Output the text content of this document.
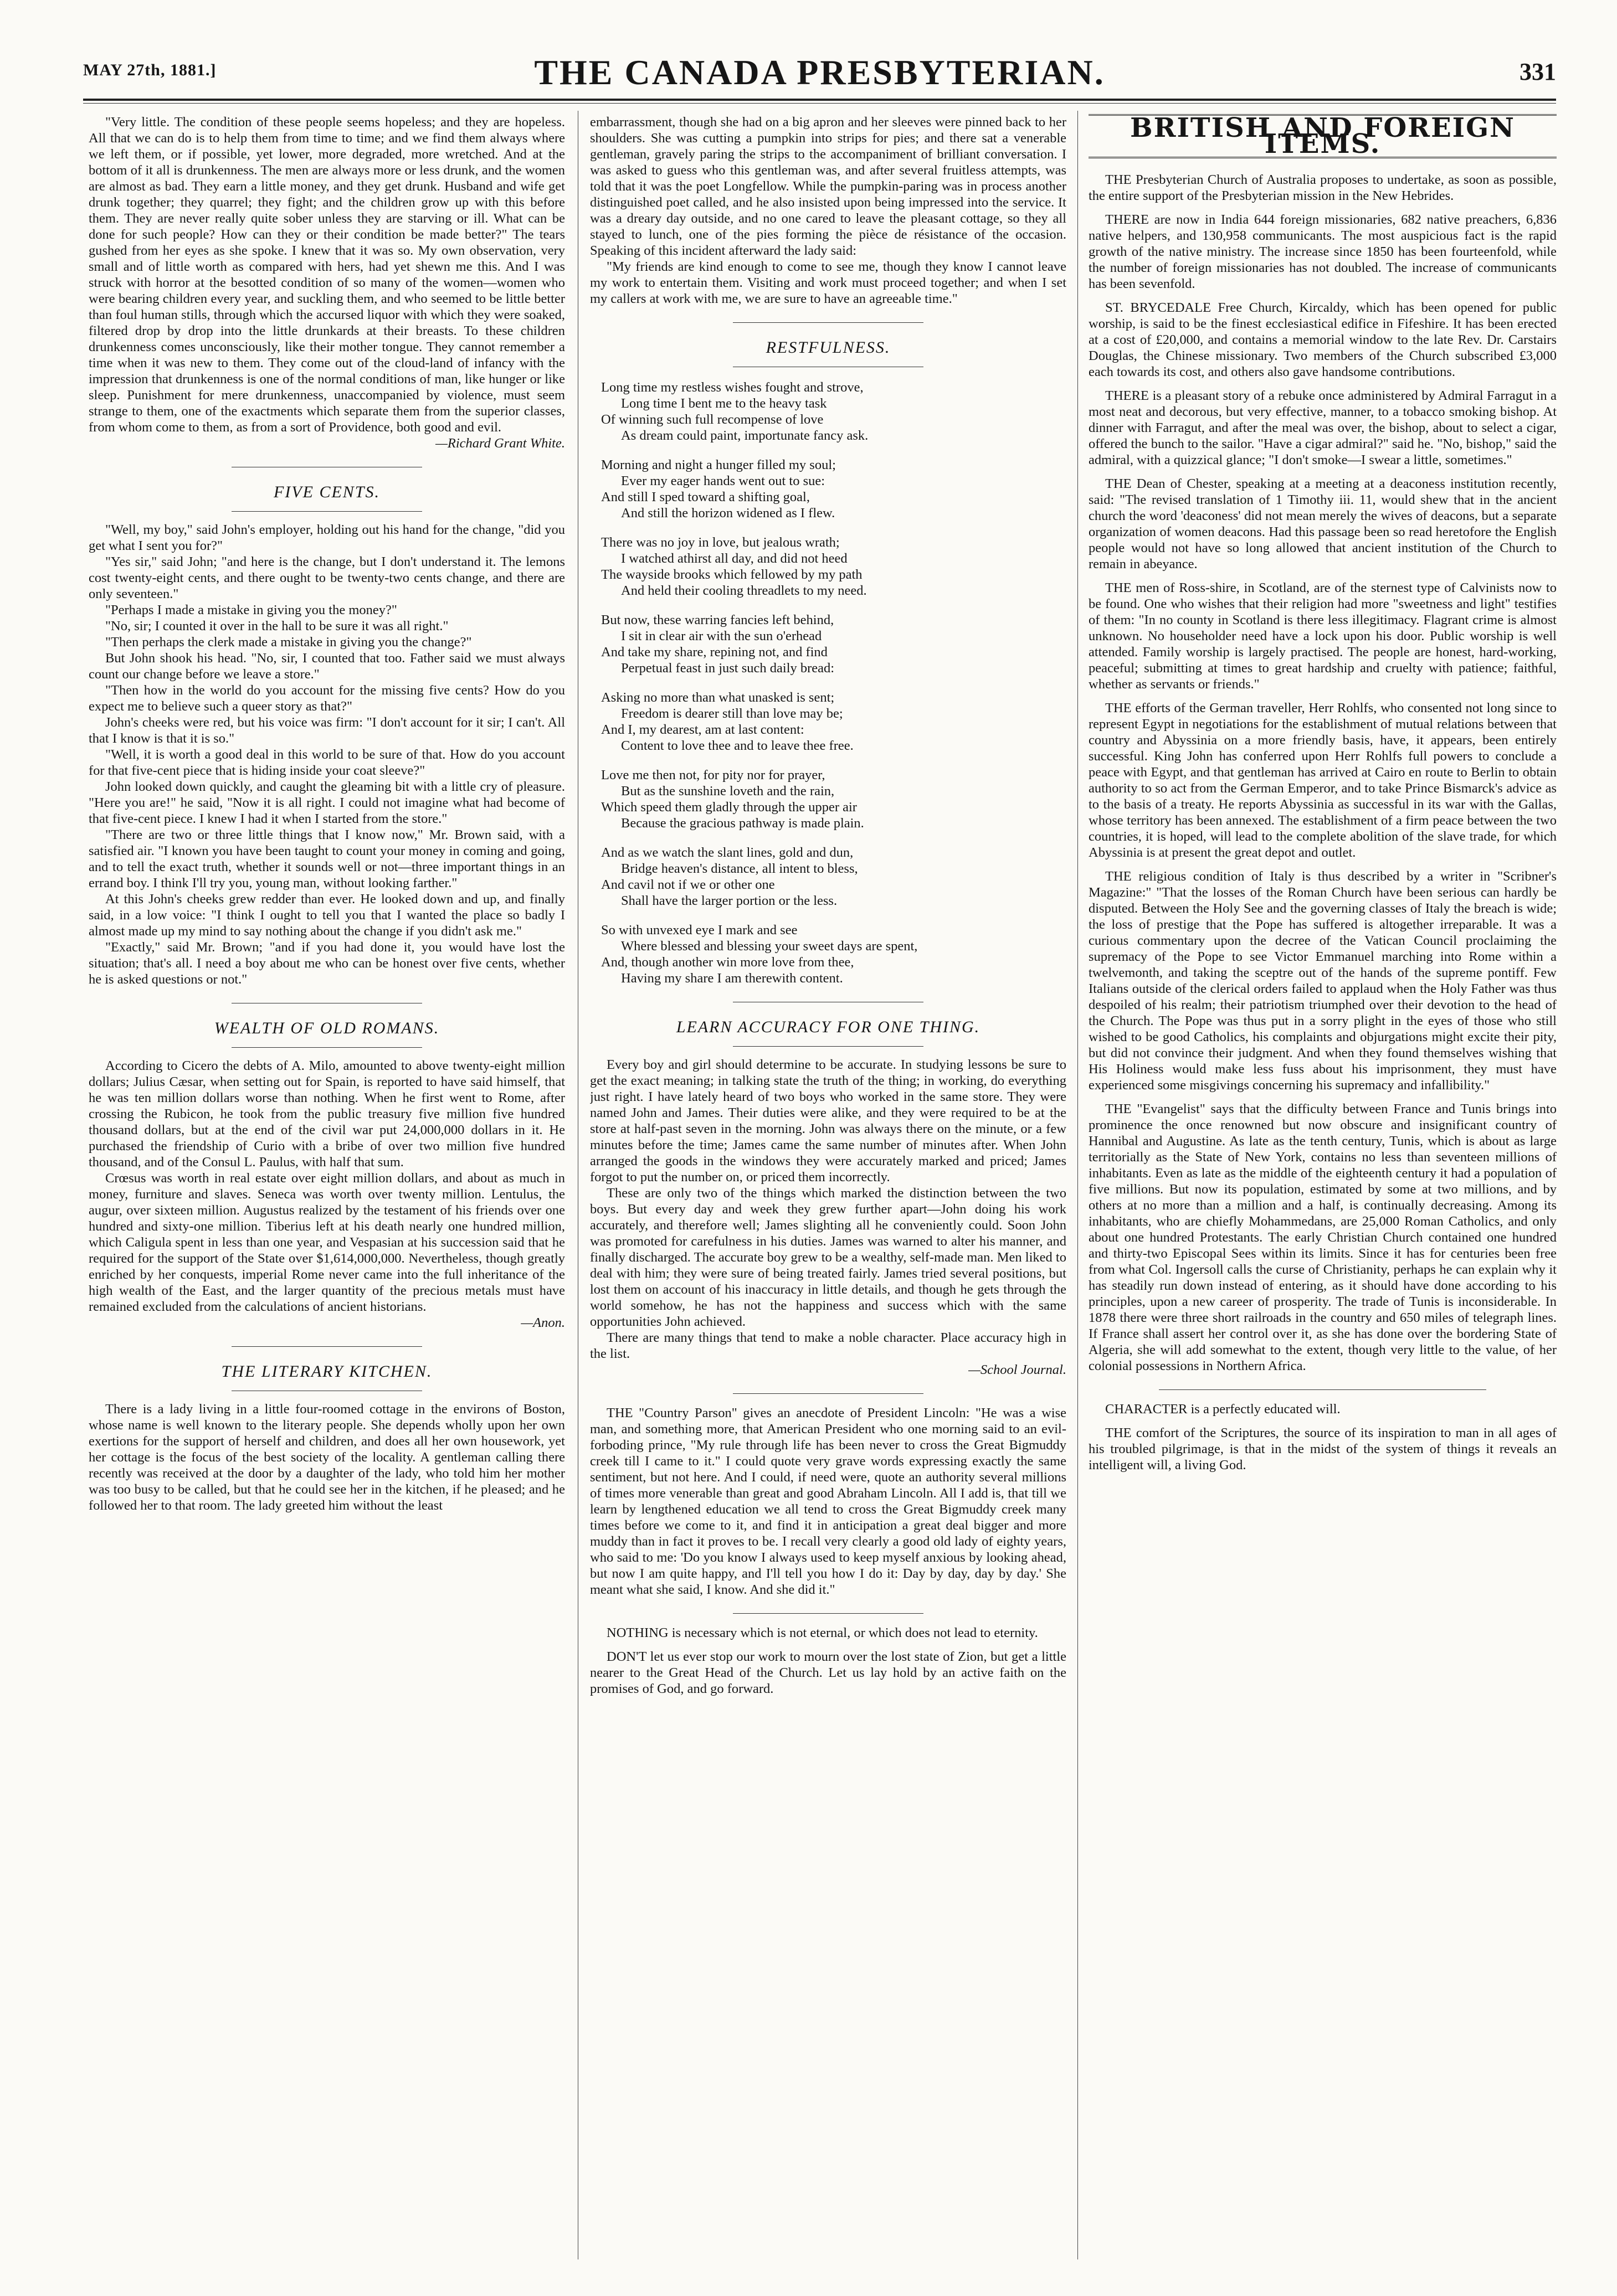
MAY 27th, 1881.]	THE CANADA PRESBYTERIAN.	331

"Very little. The condition of these people seems hopeless; and they are hopeless. All that we can do is to help them from time to time; and we find them always where we left them, or if possible, yet lower, more degraded, more wretched. And at the bottom of it all is drunkenness. The men are always more or less drunk, and the women are almost as bad. They earn a little money, and they get drunk. Husband and wife get drunk together; they quarrel; they fight; and the children grow up with this before them. They are never really quite sober unless they are starving or ill. What can be done for such people? How can they or their condition be made better?" The tears gushed from her eyes as she spoke. I knew that it was so. My own observation, very small and of little worth as compared with hers, had yet shewn me this. And I was struck with horror at the besotted condition of so many of the women—women who were bearing children every year, and suckling them, and who seemed to be little better than foul human stills, through which the accursed liquor with which they were soaked, filtered drop by drop into the little drunkards at their breasts. To these children drunkenness comes unconsciously, like their mother tongue. They cannot remember a time when it was new to them. They come out of the cloud-land of infancy with the impression that drunkenness is one of the normal conditions of man, like hunger or like sleep. Punishment for mere drunkenness, unaccompanied by violence, must seem strange to them, one of the exactments which separate them from the superior classes, from whom come to them, as from a sort of Providence, both good and evil.

—Richard Grant White.

FIVE CENTS.

"Well, my boy," said John's employer, holding out his hand for the change, "did you get what I sent you for?"

"Yes sir," said John; "and here is the change, but I don't understand it. The lemons cost twenty-eight cents, and there ought to be twenty-two cents change, and there are only seventeen."

"Perhaps I made a mistake in giving you the money?"

"No, sir; I counted it over in the hall to be sure it was all right."

"Then perhaps the clerk made a mistake in giving you the change?"

But John shook his head. "No, sir, I counted that too. Father said we must always count our change before we leave a store."

"Then how in the world do you account for the missing five cents? How do you expect me to believe such a queer story as that?"

John's cheeks were red, but his voice was firm: "I don't account for it sir; I can't. All that I know is that it is so."

"Well, it is worth a good deal in this world to be sure of that. How do you account for that five-cent piece that is hiding inside your coat sleeve?"

John looked down quickly, and caught the gleaming bit with a little cry of pleasure. "Here you are!" he said, "Now it is all right. I could not imagine what had become of that five-cent piece. I knew I had it when I started from the store."

"There are two or three little things that I know now," Mr. Brown said, with a satisfied air. "I known you have been taught to count your money in coming and going, and to tell the exact truth, whether it sounds well or not—three important things in an errand boy. I think I'll try you, young man, without looking farther."

At this John's cheeks grew redder than ever. He looked down and up, and finally said, in a low voice: "I think I ought to tell you that I wanted the place so badly I almost made up my mind to say nothing about the change if you didn't ask me."

"Exactly," said Mr. Brown; "and if you had done it, you would have lost the situation; that's all. I need a boy about me who can be honest over five cents, whether he is asked questions or not."

WEALTH OF OLD ROMANS.

According to Cicero the debts of A. Milo, amounted to above twenty-eight million dollars; Julius Cæsar, when setting out for Spain, is reported to have said himself, that he was ten million dollars worse than nothing. When he first went to Rome, after crossing the Rubicon, he took from the public treasury five million five hundred thousand dollars, but at the end of the civil war put 24,000,000 dollars in it. He purchased the friendship of Curio with a bribe of over two million five hundred thousand, and of the Consul L. Paulus, with half that sum.

Crœsus was worth in real estate over eight million dollars, and about as much in money, furniture and slaves. Seneca was worth over twenty million. Lentulus, the augur, over sixteen million. Augustus realized by the testament of his friends over one hundred and sixty-one million. Tiberius left at his death nearly one hundred million, which Caligula spent in less than one year, and Vespasian at his succession said that he required for the support of the State over $1,614,000,000. Nevertheless, though greatly enriched by her conquests, imperial Rome never came into the full inheritance of the high wealth of the East, and the larger quantity of the precious metals must have remained excluded from the calculations of ancient historians.

—Anon.

THE LITERARY KITCHEN.

There is a lady living in a little four-roomed cottage in the environs of Boston, whose name is well known to the literary people. She depends wholly upon her own exertions for the support of herself and children, and does all her own housework, yet her cottage is the focus of the best society of the locality. A gentleman calling there recently was received at the door by a daughter of the lady, who told him her mother was too busy to be called, but that he could see her in the kitchen, if he pleased; and he followed her to that room. The lady greeted him without the least

embarrassment, though she had on a big apron and her sleeves were pinned back to her shoulders. She was cutting a pumpkin into strips for pies; and there sat a venerable gentleman, gravely paring the strips to the accompaniment of brilliant conversation. I was asked to guess who this gentleman was, and after several fruitless attempts, was told that it was the poet Longfellow. While the pumpkin-paring was in process another distinguished poet called, and he also insisted upon being impressed into the service. It was a dreary day outside, and no one cared to leave the pleasant cottage, so they all stayed to lunch, one of the pies forming the pièce de résistance of the occasion. Speaking of this incident afterward the lady said:

"My friends are kind enough to come to see me, though they know I cannot leave my work to entertain them. Visiting and work must proceed together; and when I set my callers at work with me, we are sure to have an agreeable time."

RESTFULNESS.
Long time my restless wishes fought and strove,
Long time I bent me to the heavy task
Of winning such full recompense of love
As dream could paint, importunate fancy ask.
Morning and night a hunger filled my soul;
Ever my eager hands went out to sue:
And still I sped toward a shifting goal,
And still the horizon widened as I flew.
There was no joy in love, but jealous wrath;
I watched athirst all day, and did not heed
The wayside brooks which fellowed by my path
And held their cooling threadlets to my need.
But now, these warring fancies left behind,
I sit in clear air with the sun o'erhead
And take my share, repining not, and find
Perpetual feast in just such daily bread:
Asking no more than what unasked is sent;
Freedom is dearer still than love may be;
And I, my dearest, am at last content:
Content to love thee and to leave thee free.
Love me then not, for pity nor for prayer,
But as the sunshine loveth and the rain,
Which speed them gladly through the upper air
Because the gracious pathway is made plain.
And as we watch the slant lines, gold and dun,
Bridge heaven's distance, all intent to bless,
And cavil not if we or other one
Shall have the larger portion or the less.
So with unvexed eye I mark and see
Where blessed and blessing your sweet days are spent,
And, though another win more love from thee,
Having my share I am therewith content.
LEARN ACCURACY FOR ONE THING.

Every boy and girl should determine to be accurate. In studying lessons be sure to get the exact meaning; in talking state the truth of the thing; in working, do everything just right. I have lately heard of two boys who worked in the same store. They were named John and James. Their duties were alike, and they were required to be at the store at half-past seven in the morning. John was always there on the minute, or a few minutes before the time; James came the same number of minutes after. When John arranged the goods in the windows they were accurately marked and priced; James forgot to put the number on, or priced them incorrectly.

These are only two of the things which marked the distinction between the two boys. But every day and week they grew further apart—John doing his work accurately, and therefore well; James slighting all he conveniently could. Soon John was promoted for carefulness in his duties. James was warned to alter his manner, and finally discharged. The accurate boy grew to be a wealthy, self-made man. Men liked to deal with him; they were sure of being treated fairly. James tried several positions, but lost them on account of his inaccuracy in little details, and though he gets through the world somehow, he has not the happiness and success which with the same opportunities John achieved.

There are many things that tend to make a noble character. Place accuracy high in the list.

—School Journal.

THE "Country Parson" gives an anecdote of President Lincoln: "He was a wise man, and something more, that American President who one morning said to an evil-forboding prince, "My rule through life has been never to cross the Great Bigmuddy creek till I came to it." I could quote very grave words expressing exactly the same sentiment, but not here. And I could, if need were, quote an authority several millions of times more venerable than great and good Abraham Lincoln. All I add is, that till we learn by lengthened education we all tend to cross the Great Bigmuddy creek many times before we come to it, and find it in anticipation a great deal bigger and more muddy than in fact it proves to be. I recall very clearly a good old lady of eighty years, who said to me: 'Do you know I always used to keep myself anxious by looking ahead, but now I am quite happy, and I'll tell you how I do it: Day by day, day by day.' She meant what she said, I know. And she did it."

NOTHING is necessary which is not eternal, or which does not lead to eternity.

DON'T let us ever stop our work to mourn over the lost state of Zion, but get a little nearer to the Great Head of the Church. Let us lay hold by an active faith on the promises of God, and go forward.

BRITISH AND FOREIGN ITEMS.

THE Presbyterian Church of Australia proposes to undertake, as soon as possible, the entire support of the Presbyterian mission in the New Hebrides.

THERE are now in India 644 foreign missionaries, 682 native preachers, 6,836 native helpers, and 130,958 communicants. The most auspicious fact is the rapid growth of the native ministry. The increase since 1850 has been fourteenfold, while the number of foreign missionaries has not doubled. The increase of communicants has been sevenfold.

ST. BRYCEDALE Free Church, Kircaldy, which has been opened for public worship, is said to be the finest ecclesiastical edifice in Fifeshire. It has been erected at a cost of £20,000, and contains a memorial window to the late Rev. Dr. Carstairs Douglas, the Chinese missionary. Two members of the Church subscribed £3,000 each towards its cost, and others also gave handsome contributions.

THERE is a pleasant story of a rebuke once administered by Admiral Farragut in a most neat and decorous, but very effective, manner, to a tobacco smoking bishop. At dinner with Farragut, and after the meal was over, the bishop, about to select a cigar, offered the bunch to the sailor. "Have a cigar admiral?" said he. "No, bishop," said the admiral, with a quizzical glance; "I don't smoke—I swear a little, sometimes."

THE Dean of Chester, speaking at a meeting at a deaconess institution recently, said: "The revised translation of 1 Timothy iii. 11, would shew that in the ancient church the word 'deaconess' did not mean merely the wives of deacons, but a separate organization of women deacons. Had this passage been so read heretofore the English people would not have so long allowed that ancient institution of the Church to remain in abeyance.

THE men of Ross-shire, in Scotland, are of the sternest type of Calvinists now to be found. One who wishes that their religion had more "sweetness and light" testifies of them: "In no county in Scotland is there less illegitimacy. Flagrant crime is almost unknown. No householder need have a lock upon his door. Public worship is well attended. Family worship is largely practised. The people are honest, hard-working, peaceful; submitting at times to great hardship and cruelty with patience; faithful, whether as servants or friends."

THE efforts of the German traveller, Herr Rohlfs, who consented not long since to represent Egypt in negotiations for the establishment of mutual relations between that country and Abyssinia on a more friendly basis, have, it appears, been entirely successful. King John has conferred upon Herr Rohlfs full powers to conclude a peace with Egypt, and that gentleman has arrived at Cairo en route to Berlin to obtain authority to so act from the German Emperor, and to take Prince Bismarck's advice as to the basis of a treaty. He reports Abyssinia as successful in its war with the Gallas, whose territory has been annexed. The establishment of a firm peace between the two countries, it is hoped, will lead to the complete abolition of the slave trade, for which Abyssinia is at present the great depot and outlet.

THE religious condition of Italy is thus described by a writer in "Scribner's Magazine:" "That the losses of the Roman Church have been serious can hardly be disputed. Between the Holy See and the governing classes of Italy the breach is wide; the loss of prestige that the Pope has suffered is altogether irreparable. It was a curious commentary upon the decree of the Vatican Council proclaiming the supremacy of the Pope to see Victor Emmanuel marching into Rome within a twelvemonth, and taking the sceptre out of the hands of the supreme pontiff. Few Italians outside of the clerical orders failed to applaud when the Holy Father was thus despoiled of his realm; their patriotism triumphed over their devotion to the head of the Church. The Pope was thus put in a sorry plight in the eyes of those who still wished to be good Catholics, his complaints and objurgations might excite their pity, but did not convince their judgment. And when they found themselves wishing that His Holiness would make less fuss about his imprisonment, they must have experienced some misgivings concerning his supremacy and infallibility."

THE "Evangelist" says that the difficulty between France and Tunis brings into prominence the once renowned but now obscure and insignificant country of Hannibal and Augustine. As late as the tenth century, Tunis, which is about as large territorially as the State of New York, contains no less than seventeen millions of inhabitants. Even as late as the middle of the eighteenth century it had a population of five millions. But now its population, estimated by some at two millions, and by others at no more than a million and a half, is continually decreasing. Among its inhabitants, who are chiefly Mohammedans, are 25,000 Roman Catholics, and only about one hundred Protestants. The early Christian Church contained one hundred and thirty-two Episcopal Sees within its limits. Since it has for centuries been free from what Col. Ingersoll calls the curse of Christianity, perhaps he can explain why it has steadily run down instead of entering, as it should have done according to his principles, upon a new career of prosperity. The trade of Tunis is inconsiderable. In 1878 there were three short railroads in the country and 650 miles of telegraph lines. If France shall assert her control over it, as she has done over the bordering State of Algeria, she will add somewhat to the extent, though very little to the value, of her colonial possessions in Northern Africa.

CHARACTER is a perfectly educated will.

THE comfort of the Scriptures, the source of its inspiration to man in all ages of his troubled pilgrimage, is that in the midst of the system of things it reveals an intelligent will, a living God.
